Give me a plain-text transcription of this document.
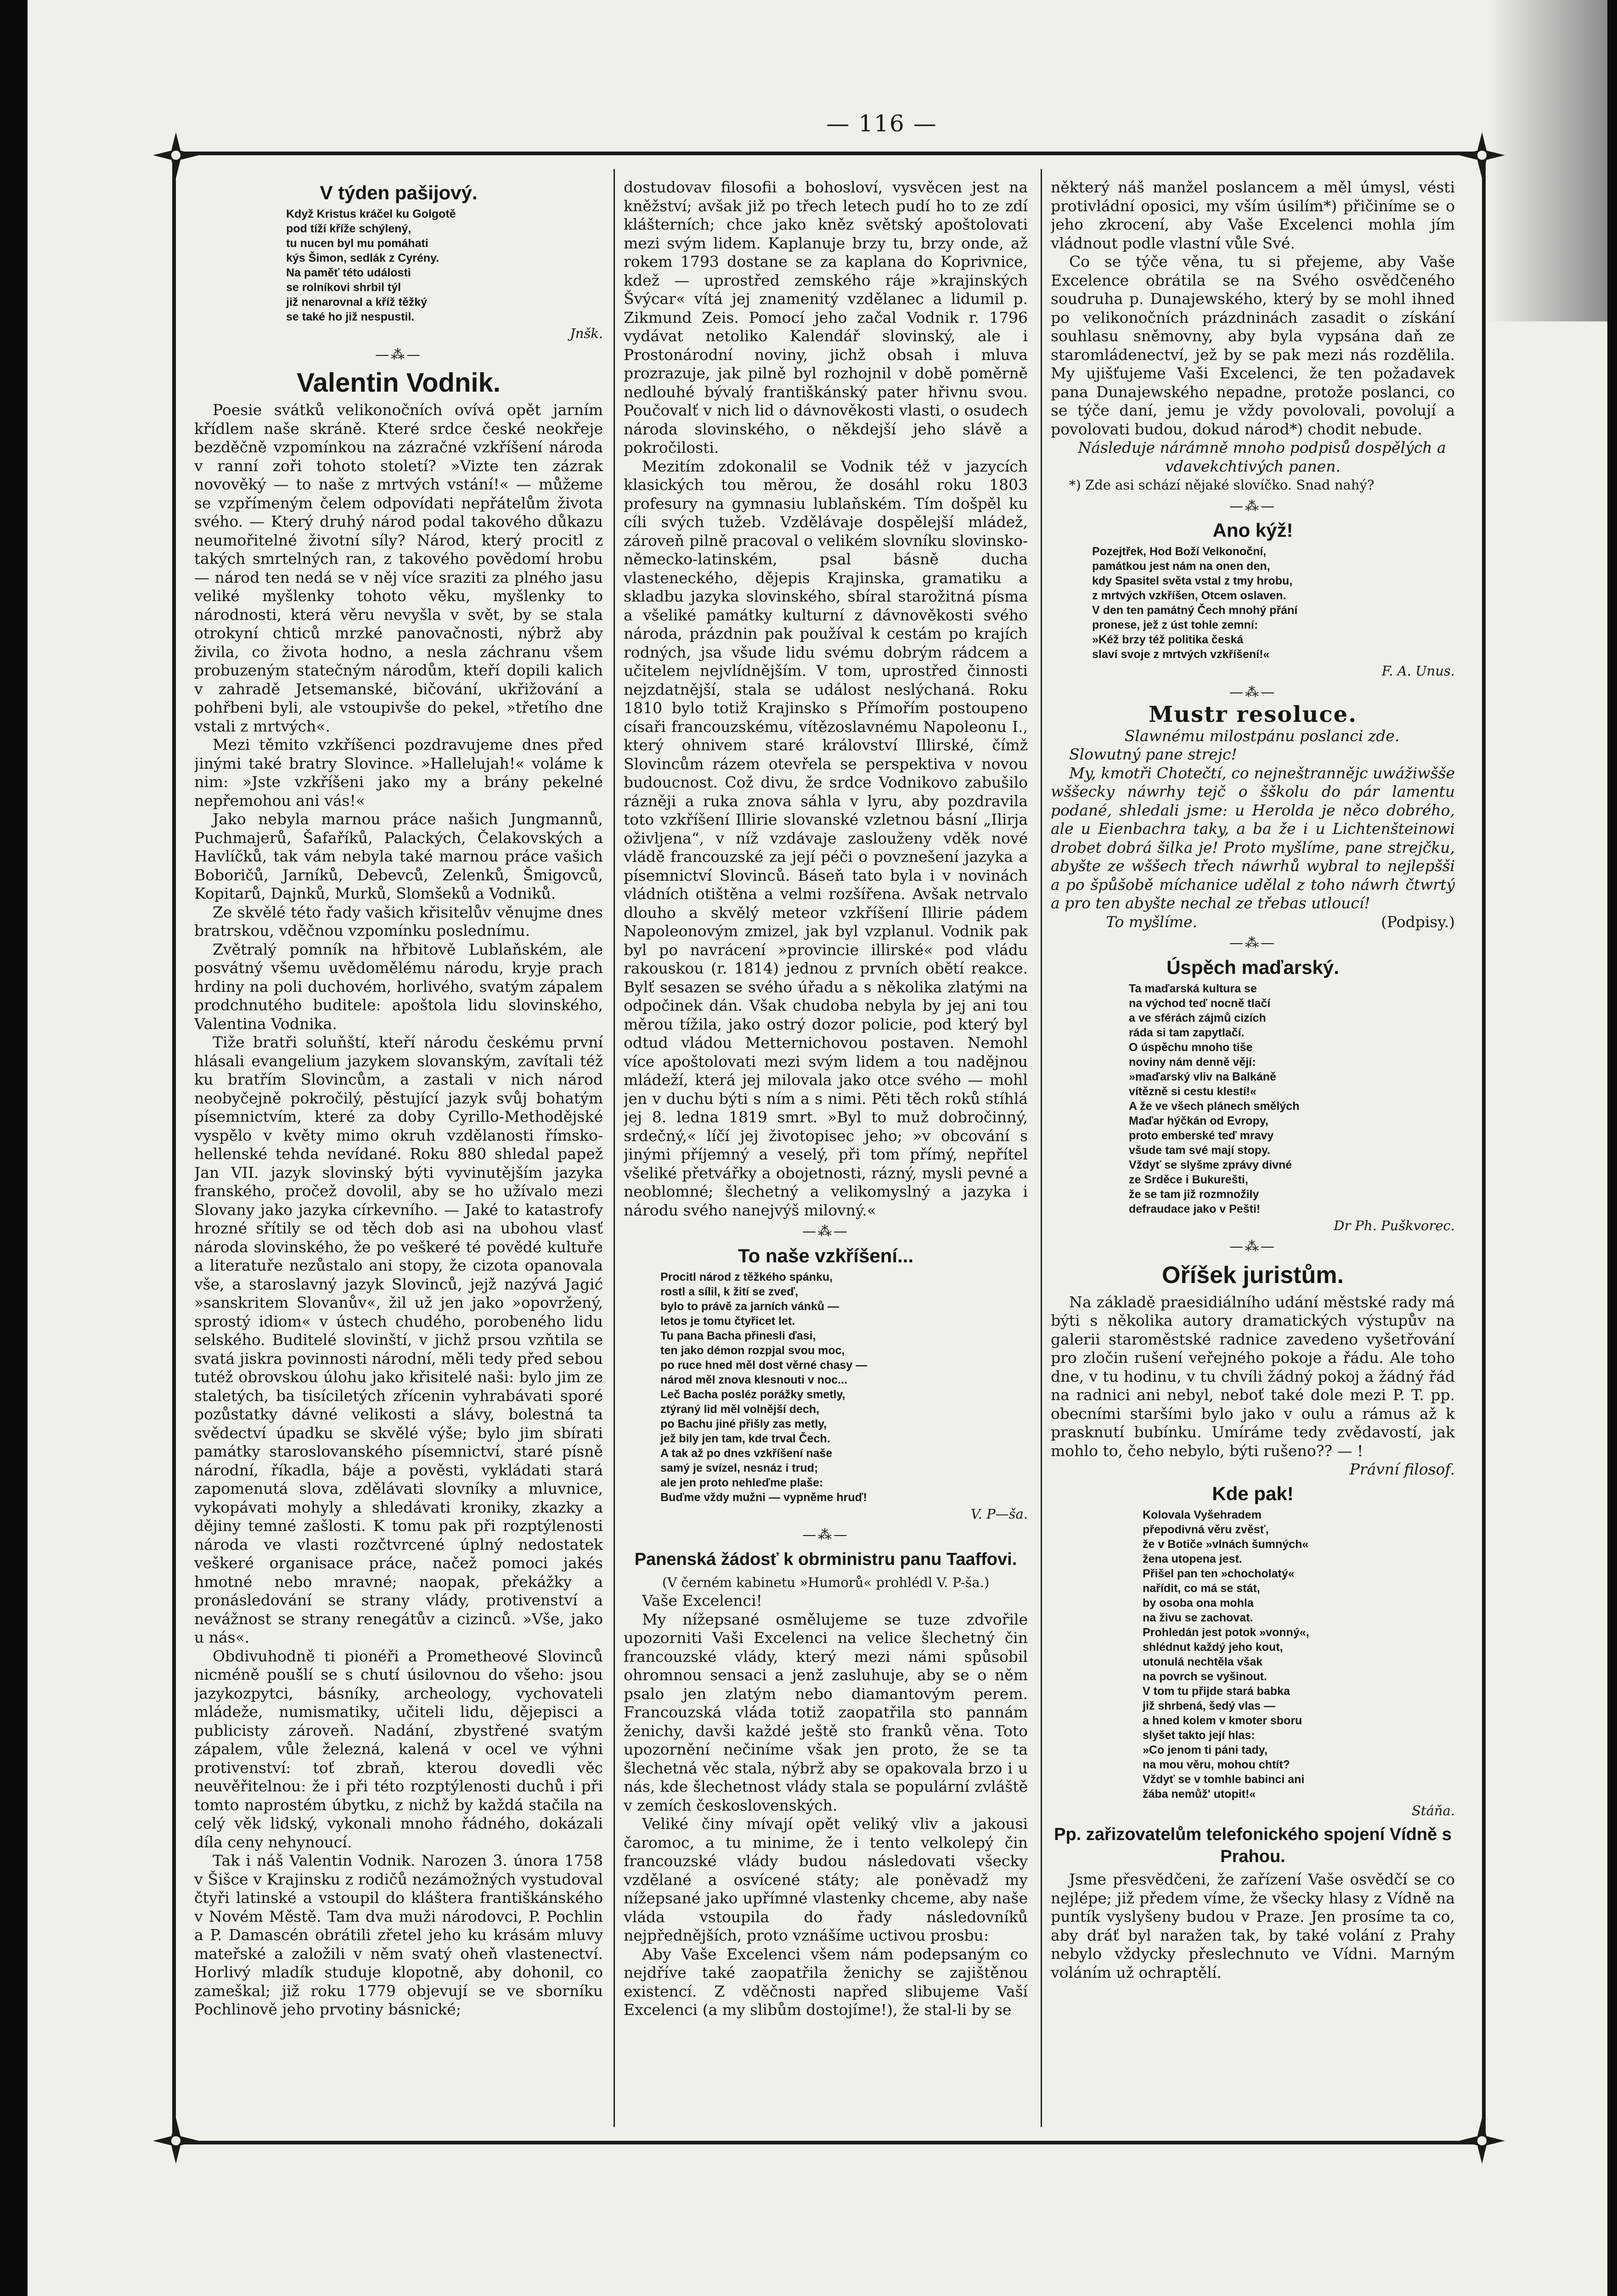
— 116 —
V týden pašijový.
Když Kristus kráčel ku Golgotě
pod tíží kříže schýlený,
tu nucen byl mu pomáhati
kýs Šimon, sedlák z Cyrény.
Na paměť této události
se rolníkovi shrbil týl
již nenarovnal a kříž těžký
se také ho již nespustil.
Jnšk.
—⁂—
Valentin Vodnik.

Poesie svátků velikonočních ovívá opět jarním křídlem naše skráně. Které srdce české neokřeje bezděčně vzpomínkou na zázračné vzkříšení národa v ranní zoři tohoto století? »Vizte ten zázrak novověký — to naše z mrtvých vstání!« — můžeme se vzpřímeným čelem odpovídati nepřátelům života svého. — Který druhý národ podal takového důkazu neumořitelné životní síly? Národ, který procitl z takých smrtelných ran, z takového povědomí hrobu — národ ten nedá se v něj více sraziti za plného jasu veliké myšlenky tohoto věku, myšlenky to národnosti, která věru nevyšla v svět, by se stala otrokyní chticů mrzké panovačnosti, nýbrž aby živila, co života hodno, a nesla záchranu všem probuzeným statečným národům, kteří dopili kalich v zahradě Jetsemanské, bičování, ukřižování a pohřbeni byli, ale vstoupivše do pekel, »třetího dne vstali z mrtvých«.

Mezi těmito vzkříšenci pozdravujeme dnes před jinými také bratry Slovince. »Hallelujah!« voláme k nim: »Jste vzkříšeni jako my a brány pekelné nepřemohou ani vás!«

Jako nebyla marnou práce našich Jungmannů, Puchmajerů, Šafaříků, Palackých, Čelakovských a Havlíčků, tak vám nebyla také marnou práce vašich Boboričů, Jarníků, Debevců, Zelenků, Šmigovců, Kopitarů, Dajnků, Murků, Slomšeků a Vodniků.

Ze skvělé této řady vašich křisitelův věnujme dnes bratrskou, vděčnou vzpomínku poslednímu.

Zvětralý pomník na hřbitově Lublaňském, ale posvátný všemu uvědomělému národu, kryje prach hrdiny na poli duchovém, horlivého, svatým zápalem prodchnutého buditele: apoštola lidu slovinského, Valentina Vodnika.

Tiže bratři soluňští, kteří národu českému první hlásali evangelium jazykem slovanským, zavítali též ku bratřím Slovincům, a zastali v nich národ neobyčejně pokročilý, pěstující jazyk svůj bohatým písemnictvím, které za doby Cyrillo-Methodějské vyspělo v květy mimo okruh vzdělanosti římsko-hellenské tehda nevídané. Roku 880 shledal papež Jan VII. jazyk slovinský býti vyvinutějším jazyka franského, pročež dovolil, aby se ho užívalo mezi Slovany jako jazyka církevního. — Jaké to katastrofy hrozné sřítily se od těch dob asi na ubohou vlasť národa slovinského, že po veškeré té povědé kultuře a literatuře nezůstalo ani stopy, že cizota opanovala vše, a staroslavný jazyk Slovinců, jejž nazývá Jagić »sanskritem Slovanův«, žil už jen jako »opovržený, sprostý idiom« v ústech chudého, porobeného lidu selského. Buditelé slovinští, v jichž prsou vzňtila se svatá jiskra povinnosti národní, měli tedy před sebou tutéž obrovskou úlohu jako křisitelé naši: bylo jim ze staletých, ba tisíciletých zřícenin vyhrabávati sporé pozůstatky dávné velikosti a slávy, bolestná ta svědectví úpadku se skvělé výše; bylo jim sbírati památky staroslovanského písemnictví, staré písně národní, říkadla, báje a pověsti, vykládati stará zapomenutá slova, zdělávati slovníky a mluvnice, vykopávati mohyly a shledávati kroniky, zkazky a dějiny temné zašlosti. K tomu pak při rozptýlenosti národa ve vlasti rozčtvrcené úplný nedostatek veškeré organisace práce, načež pomoci jakés hmotné nebo mravné; naopak, překážky a pronásledování se strany vlády, protivenství a nevážnost se strany renegátův a cizinců. »Vše, jako u nás«.

Obdivuhodně ti pionéři a Prometheové Slovinců nicméně poušlí se s chutí úsilovnou do všeho: jsou jazykozpytci, básníky, archeology, vychovateli mládeže, numismatiky, učiteli lidu, dějepisci a publicisty zároveň. Nadání, zbystřené svatým zápalem, vůle železná, kalená v ocel ve výhni protivenství: toť zbraň, kterou dovedli věc neuvěřitelnou: že i při této rozptýlenosti duchů i při tomto naprostém úbytku, z nichž by každá stačila na celý věk lidský, vykonali mnoho řádného, dokázali díla ceny nehynoucí.

Tak i náš Valentin Vodnik. Narozen 3. února 1758 v Šišce v Krajinsku z rodičů nezámožných vystudoval čtyři latinské a vstoupil do kláštera františkánského v Novém Městě. Tam dva muži národovci, P. Pochlin a P. Damascén obrátili zřetel jeho ku krásám mluvy mateřské a založili v něm svatý oheň vlastenectví. Horlivý mladík studuje klopotně, aby dohonil, co zameškal; již roku 1779 objevují se ve sborníku Pochlinově jeho prvotiny básnické;

dostudovav filosofii a bohosloví, vysvěcen jest na kněžství; avšak již po třech letech pudí ho to ze zdí klášterních; chce jako kněz světský apoštolovati mezi svým lidem. Kaplanuje brzy tu, brzy onde, až rokem 1793 dostane se za kaplana do Koprivnice, kdež — uprostřed zemského ráje »krajinských Švýcar« vítá jej znamenitý vzdělanec a lidumil p. Zikmund Zeis. Pomocí jeho začal Vodnik r. 1796 vydávat netoliko Kalendář slovinský, ale i Prostonárodní noviny, jichž obsah i mluva prozrazuje, jak pilně byl rozhojnil v době poměrně nedlouhé bývalý františkánský pater hřivnu svou. Poučovalť v nich lid o dávnověkosti vlasti, o osudech národa slovinského, o někdejší jeho slávě a pokročilosti.

Mezitím zdokonalil se Vodnik též v jazycích klasických tou měrou, že dosáhl roku 1803 profesury na gymnasiu lublaňském. Tím došpěl ku cíli svých tužeb. Vzdělávaje dospělejší mládež, zároveň pilně pracoval o velikém slovníku slovinsko-německo-latinském, psal básně ducha vlasteneckého, dějepis Krajinska, gramatiku a skladbu jazyka slovinského, sbíral starožitná písma a všeliké památky kulturní z dávnověkosti svého národa, prázdnin pak používal k cestám po krajích rodných, jsa všude lidu svému dobrým rádcem a učitelem nejvlídnějším. V tom, uprostřed činnosti nejzdatnější, stala se událost neslýchaná. Roku 1810 bylo totiž Krajinsko s Přímořím postoupeno císaři francouzskému, vítězoslavnému Napoleonu I., který ohnivem staré království Illirské, čímž Slovincům rázem otevřela se perspektiva v novou budoucnost. Což divu, že srdce Vodnikovo zabušilo rázněji a ruka znova sáhla v lyru, aby pozdravila toto vzkříšení Illirie slovanské vzletnou básní „Ilirja oživljena“, v níž vzdávaje zaslouženy vděk nové vládě francouzské za její péči o povznešení jazyka a písemnictví Slovinců. Báseň tato byla i v novinách vládních otištěna a velmi rozšířena. Avšak netrvalo dlouho a skvělý meteor vzkříšení Illirie pádem Napoleonovým zmizel, jak byl vzplanul. Vodnik pak byl po navrácení »provincie illirské« pod vládu rakouskou (r. 1814) jednou z prvních obětí reakce. Bylť sesazen se svého úřadu a s několika zlatými na odpočinek dán. Však chudoba nebyla by jej ani tou měrou tížila, jako ostrý dozor policie, pod který byl odtud vládou Metternichovou postaven. Nemohl více apoštolovati mezi svým lidem a tou nadějnou mládeží, která jej milovala jako otce svého — mohl jen v duchu býti s ním a s nimi. Pěti těch roků stíhlá jej 8. ledna 1819 smrt. »Byl to muž dobročinný, srdečný,« líčí jej životopisec jeho; »v obcování s jinými příjemný a veselý, při tom přímý, nepřítel všeliké přetvářky a obojetnosti, rázný, mysli pevné a neoblomné; šlechetný a velikomyslný a jazyka i národu svého nanejvýš milovný.«

—⁂—
To naše vzkříšení...
Procitl národ z těžkého spánku,
rostl a sílil, k žití se zveď,
bylo to právě za jarních vánků —
letos je tomu čtyřicet let.
Tu pana Bacha přinesli ďasi,
ten jako démon rozpjal svou moc,
po ruce hned měl dost věrné chasy —
národ měl znova klesnouti v noc...
Leč Bacha posléz porážky smetly,
ztýraný lid měl volnější dech,
po Bachu jiné přišly zas metly,
jež bily jen tam, kde trval Čech.
A tak až po dnes vzkříšení naše
samý je svízel, nesnáz i trud;
ale jen proto nehleďme plaše:
Buďme vždy mužni — vypněme hruď!
V. P—ša.
—⁂—
Panenská žádosť k obrministru panu Taaffovi.
(V černém kabinetu »Humorů« prohlédl V. P-ša.)

Vaše Excelenci!

My nížepsané osmělujeme se tuze zdvořile upozorniti Vaši Excelenci na velice šlechetný čin francouzské vlády, který mezi námi spůsobil ohromnou sensaci a jenž zasluhuje, aby se o něm psalo jen zlatým nebo diamantovým perem. Francouzská vláda totiž zaopatřila sto pannám ženichy, davši každé ještě sto franků věna. Toto upozornění nečiníme však jen proto, že se ta šlechetná věc stala, nýbrž aby se opakovala brzo i u nás, kde šlechetnost vlády stala se populární zvláště v zemích československých.

Veliké činy mívají opět veliký vliv a jakousi čaromoc, a tu minime, že i tento velkolepý čin francouzské vlády budou následovati všecky vzdělané a osvícené státy; ale poněvadž my nížepsané jako upřímné vlastenky chceme, aby naše vláda vstoupila do řady následovníků nejpřednějších, proto vznášíme uctivou prosbu:

Aby Vaše Excelenci všem nám podepsaným co nejdříve také zaopatřila ženichy se zajištěnou existencí. Z vděčnosti napřed slibujeme Vaší Excelenci (a my slibům dostojíme!), že stal-li by se

některý náš manžel poslancem a měl úmysl, vésti protivládní oposici, my vším úsilím*) přičiníme se o jeho zkrocení, aby Vaše Excelenci mohla jím vládnout podle vlastní vůle Své.

Co se týče věna, tu si přejeme, aby Vaše Excelence obrátila se na Svého osvědčeného soudruha p. Dunajewského, který by se mohl ihned po velikonočních prázdninách zasadit o získání souhlasu sněmovny, aby byla vypsána daň ze staromládenectví, jež by se pak mezi nás rozdělila. My ujišťujeme Vaši Excelenci, že ten požadavek pana Dunajewského nepadne, protože poslanci, co se týče daní, jemu je vždy povolovali, povolují a povolovati budou, dokud národ*) chodit nebude.

Následuje nárámně mnoho podpisů dospělých a vdavekchtivých panen.

*) Zde asi schází nějaké slovíčko. Snad nahý?

—⁂—
Ano kýž!
Pozejtřek, Hod Boží Velkonoční,
památkou jest nám na onen den,
kdy Spasitel světa vstal z tmy hrobu,
z mrtvých vzkříšen, Otcem oslaven.
V den ten památný Čech mnohý přání
pronese, jež z úst tohle zemní:
»Kéž brzy též politika česká
slaví svoje z mrtvých vzkříšení!«
F. A. Unus.
—⁂—
Mustr resoluce.

Slawnému milostpánu poslanci zde.

Slowutný pane strejc!

My, kmotři Chotečtí, co nejneštrannějc uwážiwšše wššecky náwrhy tejč o šškolu do pár lamentu podané, shledali jsme: u Herolda je něco dobrého, ale u Eienbachra taky, a ba že i u Lichtenšteinowi drobet dobrá šilka je! Proto myšlíme, pane strejčku, abyšte ze wššech třech náwrhů wybral to nejlepšši a po špůšobě míchanice udělal z toho náwrh čtwrtý a pro ten abyšte nechal ze třebas utloucí!

To myšlíme.	(Podpisy.)
—⁂—
Úspěch maďarský.
Ta maďarská kultura se
na východ teď nocně tlačí
a ve sférách zájmů cizích
ráda si tam zapytlačí.
O úspěchu mnoho tiše
noviny nám denně vějí:
»maďarský vliv na Balkáně
vítězně si cestu klestí!«
A že ve všech plánech smělých
Maďar hýčkán od Evropy,
proto emberské teď mravy
všude tam své mají stopy.
Vždyť se slyšme zprávy divné
ze Srděce i Bukurešti,
že se tam již rozmnožily
defraudace jako v Pešti!
Dr Ph. Puškvorec.
—⁂—
Oříšek juristům.

Na základě praesidiálního udání městské rady má býti s několika autory dramatických výstupův na galerii staroměstské radnice zavedeno vyšetřování pro zločin rušení veřejného pokoje a řádu. Ale toho dne, v tu hodinu, v tu chvíli žádný pokoj a žádný řád na radnici ani nebyl, neboť také dole mezi P. T. pp. obecními staršími bylo jako v oulu a rámus až k prasknutí bubínku. Umíráme tedy zvědavostí, jak mohlo to, čeho nebylo, býti rušeno?? — !

Právní filosof.
Kde pak!
Kolovala Vyšehradem
přepodivná věru zvěsť,
že v Botiče »vlnách šumných«
žena utopena jest.
Přišel pan ten »chocholatý«
nařídit, co má se stát,
by osoba ona mohla
na živu se zachovat.
Prohledán jest potok »vonný«,
shlédnut každý jeho kout,
utonulá nechtěla však
na povrch se vyšinout.
V tom tu přijde stará babka
již shrbená, šedý vlas —
a hned kolem v kmoter sboru
slyšet takto její hlas:
»Co jenom ti páni tady,
na mou věru, mohou chtít?
Vždyť se v tomhle babinci ani
žába nemůž' utopit!«
Stáňa.
Pp. zařizovatelům telefonického spojení Vídně s Prahou.

Jsme přesvědčeni, že zařízení Vaše osvědčí se co nejlépe; již předem víme, že všecky hlasy z Vídně na puntík vyslyšeny budou v Praze. Jen prosíme ta co, aby dráť byl naražen tak, by také volání z Prahy nebylo vždycky přeslechnuto ve Vídni. Marným voláním už ochraptělí.
